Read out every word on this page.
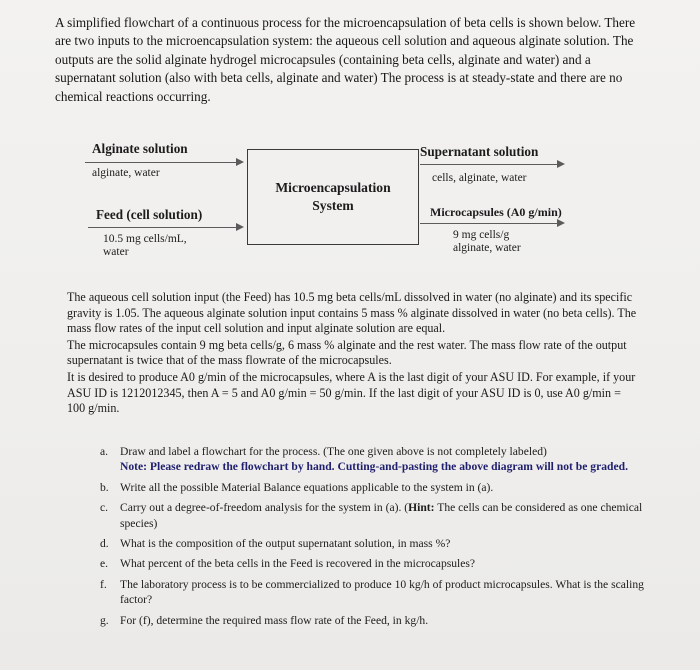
A simplified flowchart of a continuous process for the microencapsulation of beta cells is shown below. There are two inputs to the microencapsulation system: the aqueous cell solution and aqueous alginate solution. The outputs are the solid alginate hydrogel microcapsules (containing beta cells, alginate and water) and a supernatant solution (also with beta cells, alginate and water) The process is at steady-state and there are no chemical reactions occurring.
Alginate solution
alginate, water
Feed (cell solution)
10.5 mg cells/mL,
water
Microencapsulation
System
Supernatant solution
cells, alginate, water
Microcapsules (A0 g/min)
9 mg cells/g
alginate, water

The aqueous cell solution input (the Feed) has 10.5 mg beta cells/mL dissolved in water (no alginate) and its specific gravity is 1.05. The aqueous alginate solution input contains 5 mass % alginate dissolved in water (no beta cells). The mass flow rates of the input cell solution and input alginate solution are equal.

The microcapsules contain 9 mg beta cells/g, 6 mass % alginate and the rest water. The mass flow rate of the output supernatant is twice that of the mass flowrate of the microcapsules.

It is desired to produce A0 g/min of the microcapsules, where A is the last digit of your ASU ID. For example, if your ASU ID is 1212012345, then A = 5 and A0 g/min = 50 g/min. If the last digit of your ASU ID is 0, use A0 g/min = 100 g/min.

a. Draw and label a flowchart for the process. (The one given above is not completely labeled)
Note: Please redraw the flowchart by hand. Cutting-and-pasting the above diagram will not be graded.
b. Write all the possible Material Balance equations applicable to the system in (a).
c. Carry out a degree-of-freedom analysis for the system in (a). (Hint: The cells can be considered as one chemical species)
d. What is the composition of the output supernatant solution, in mass %?
e. What percent of the beta cells in the Feed is recovered in the microcapsules?
f. The laboratory process is to be commercialized to produce 10 kg/h of product microcapsules. What is the scaling factor?
g. For (f), determine the required mass flow rate of the Feed, in kg/h.
